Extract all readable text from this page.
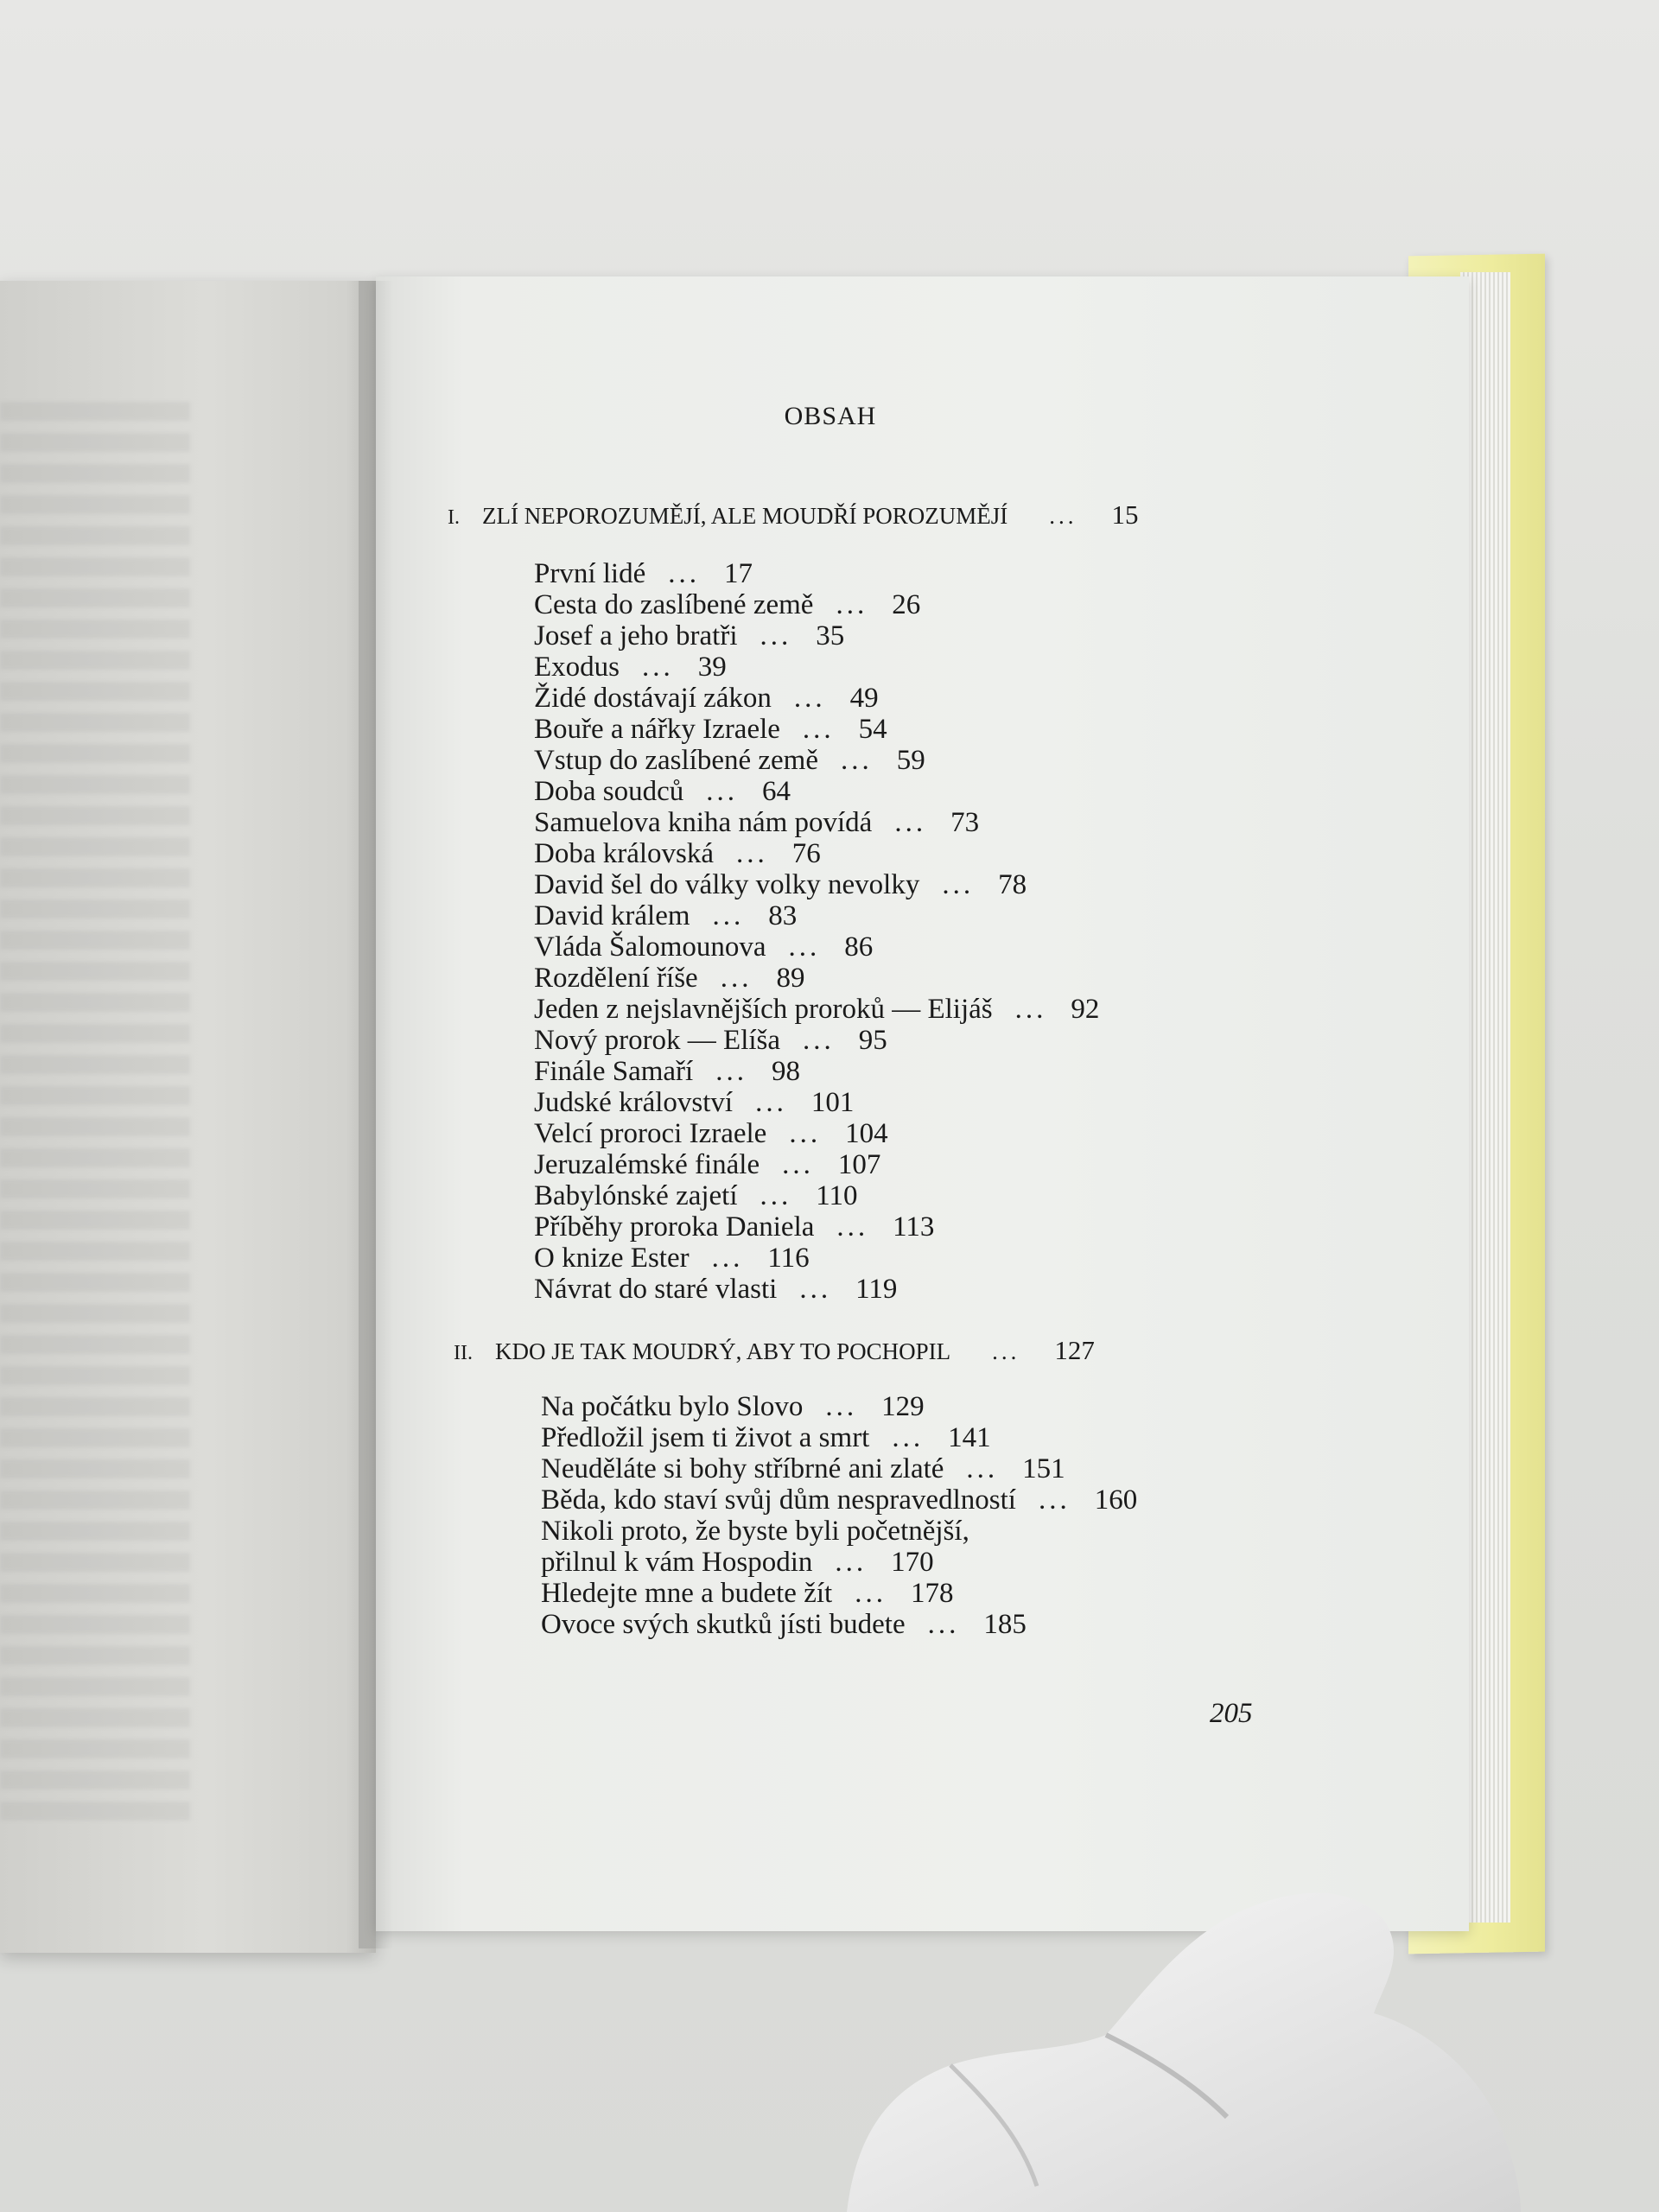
OBSAH
I. ZLÍ NEPOROZUMĚJÍ, ALE MOUDŘÍ POROZUMĚJÍ ... 15
První lidé ... 17
Cesta do zaslíbené země ... 26
Josef a jeho bratři ... 35
Exodus ... 39
Židé dostávají zákon ... 49
Bouře a nářky Izraele ... 54
Vstup do zaslíbené země ... 59
Doba soudců ... 64
Samuelova kniha nám povídá ... 73
Doba královská ... 76
David šel do války volky nevolky ... 78
David králem ... 83
Vláda Šalomounova ... 86
Rozdělení říše ... 89
Jeden z nejslavnějších proroků — Elijáš ... 92
Nový prorok — Elíša ... 95
Finále Samaří ... 98
Judské království ... 101
Velcí proroci Izraele ... 104
Jeruzalémské finále ... 107
Babylónské zajetí ... 110
Příběhy proroka Daniela ... 113
O knize Ester ... 116
Návrat do staré vlasti ... 119
II. KDO JE TAK MOUDRÝ, ABY TO POCHOPIL ... 127
Na počátku bylo Slovo ... 129
Předložil jsem ti život a smrt ... 141
Neuděláte si bohy stříbrné ani zlaté ... 151
Běda, kdo staví svůj dům nespravedlností ... 160
Nikoli proto, že byste byli početnější,
přilnul k vám Hospodin ... 170
Hledejte mne a budete žít ... 178
Ovoce svých skutků jísti budete ... 185
205
